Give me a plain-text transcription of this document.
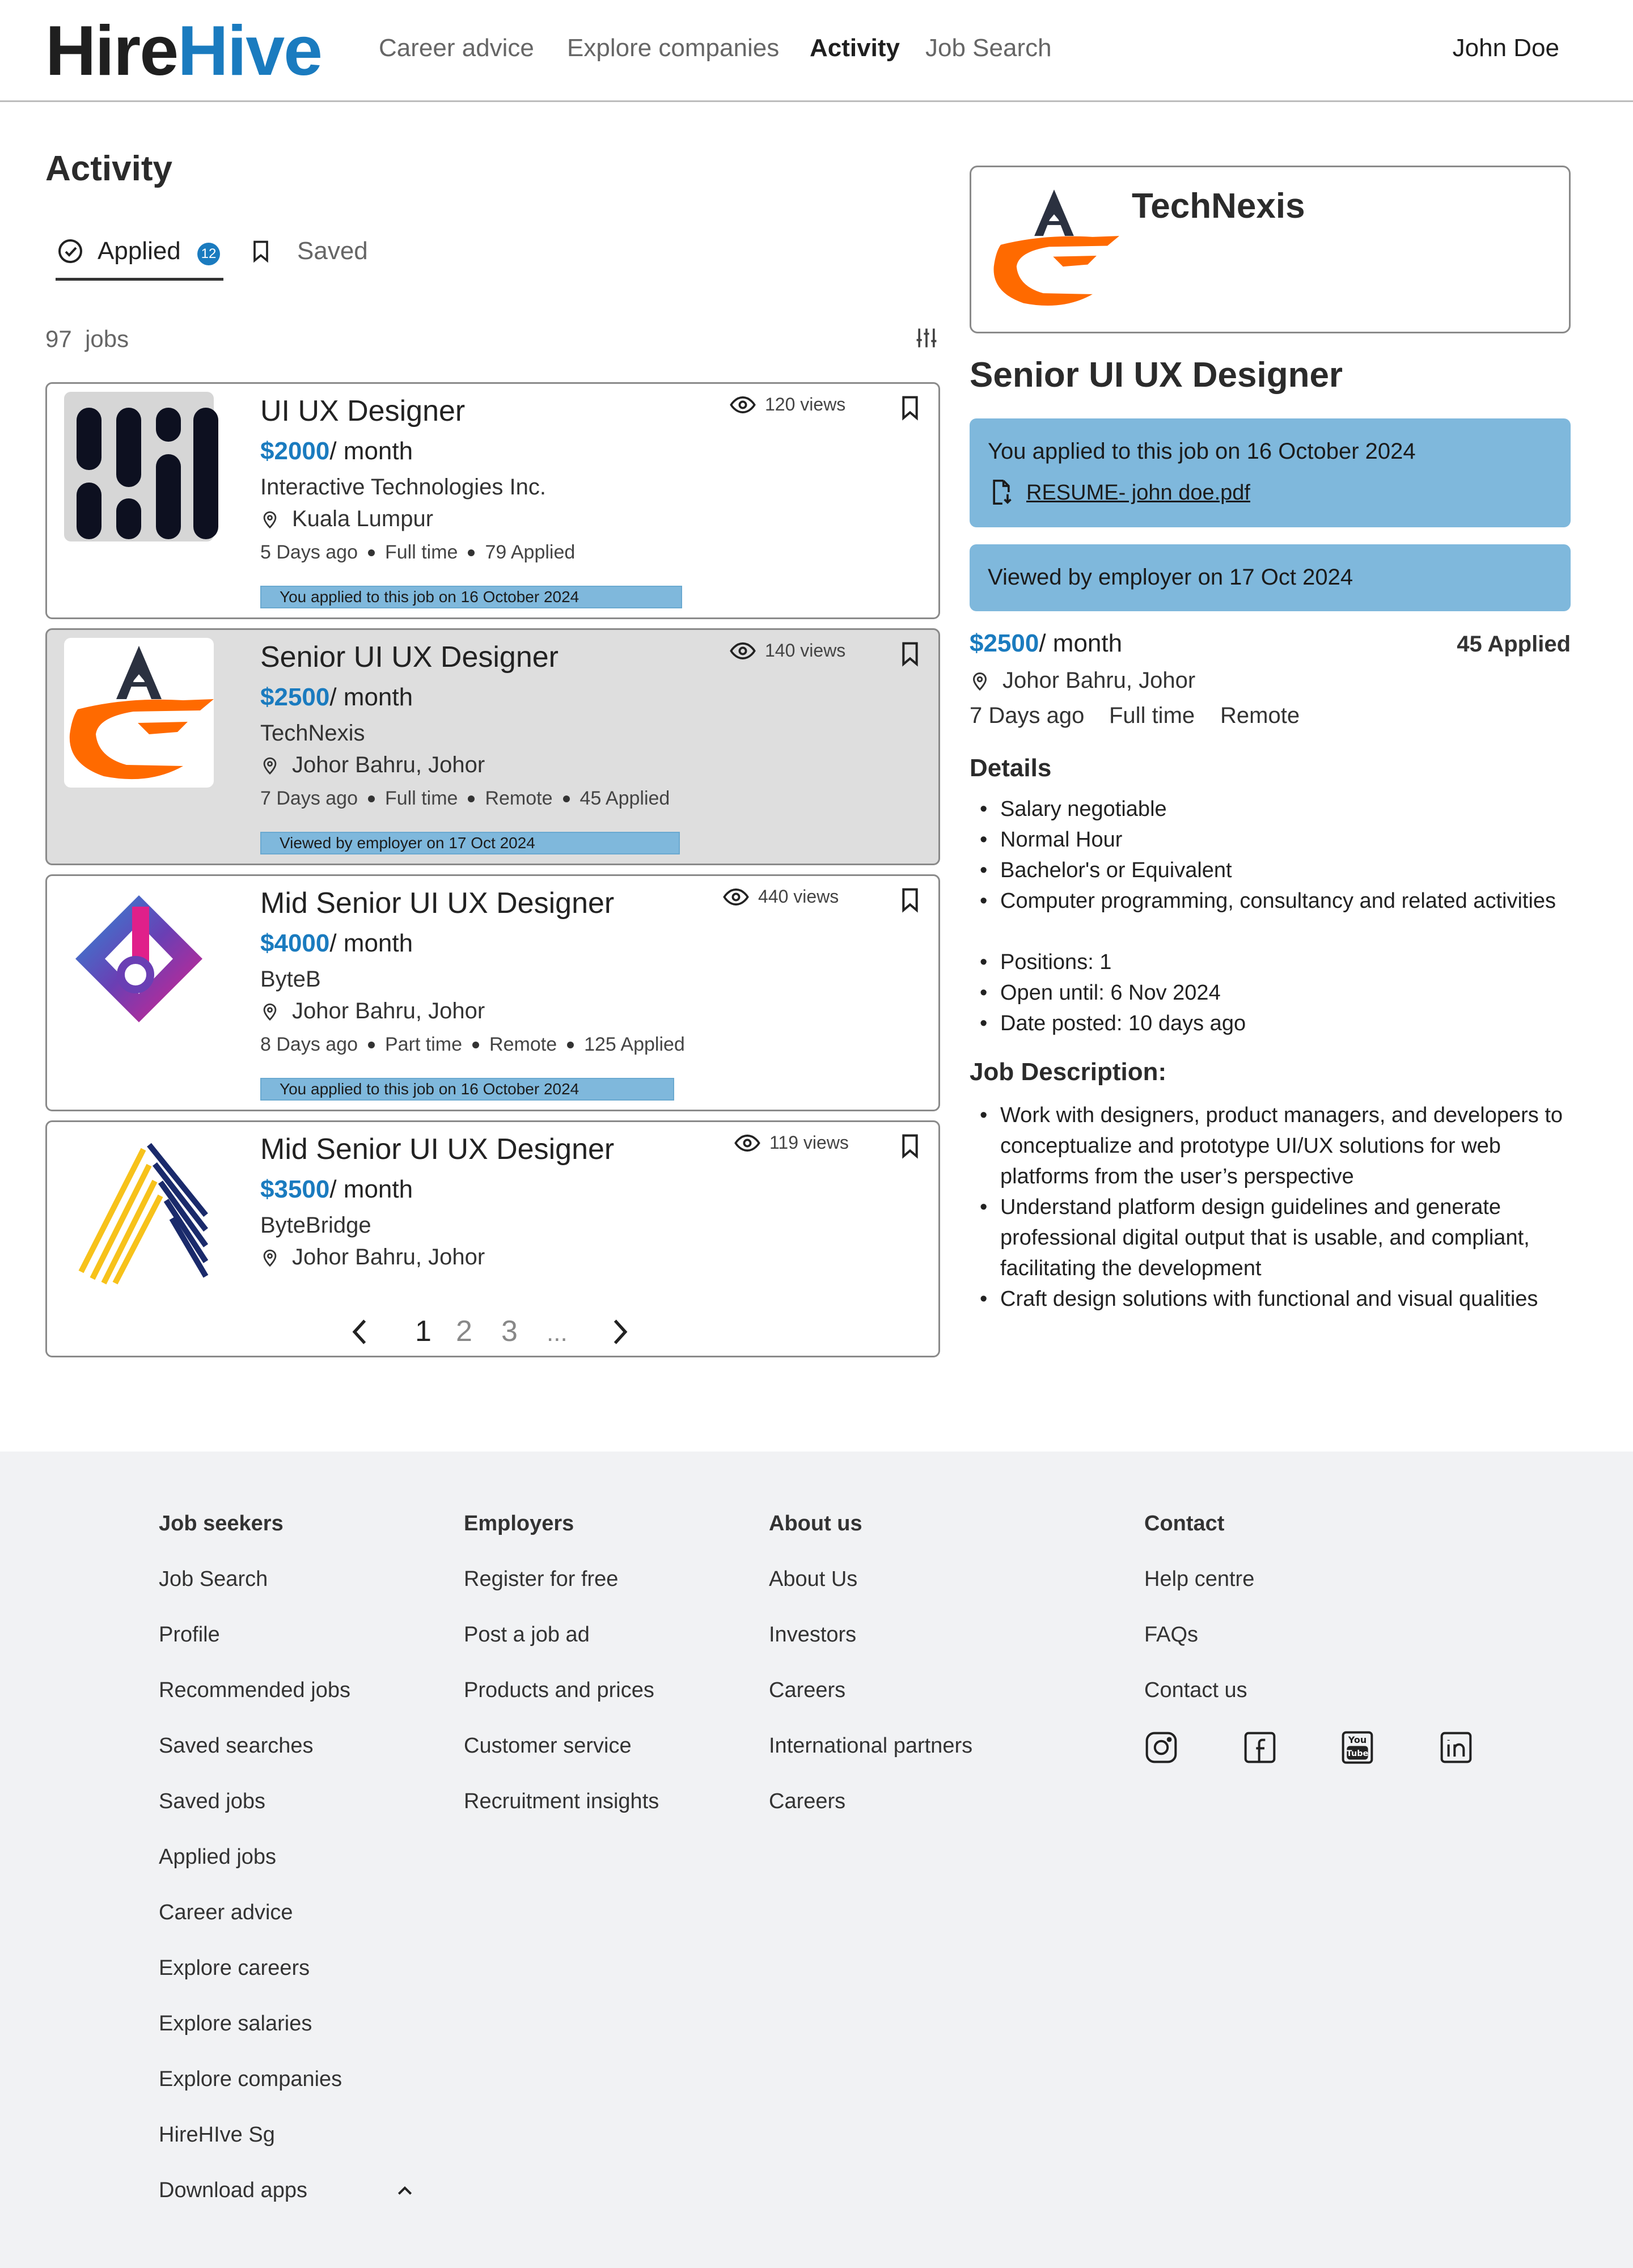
HireHive Career advice Explore companies Activity Job Search	John Doe
Activity
Applied 12	Saved
97 jobs
UI UX Designer
$2000/ month
Interactive Technologies Inc.
Kuala Lumpur
5 Days ago Full time 79 Applied
You applied to this job on 16 October 2024
120 views
Senior UI UX Designer
$2500/ month
TechNexis
Johor Bahru, Johor
7 Days ago Full time Remote 45 Applied
Viewed by employer on 17 Oct 2024
140 views
Mid Senior UI UX Designer
$4000/ month
ByteB
Johor Bahru, Johor
8 Days ago Part time Remote 125 Applied
You applied to this job on 16 October 2024
440 views
Mid Senior UI UX Designer
$3500/ month
ByteBridge
Johor Bahru, Johor
119 views
1 2 3 ...
TechNexis
Senior UI UX Designer
You applied to this job on 16 October 2024
RESUME- john doe.pdf
Viewed by employer on 17 Oct 2024
$2500/ month	45 Applied
Johor Bahru, Johor
7 Days ago Full time Remote
Details
• Salary negotiable
• Normal Hour
• Bachelor's or Equivalent
• Computer programming, consultancy and related activities
• Positions: 1
• Open until: 6 Nov 2024
• Date posted: 10 days ago
Job Description:
• Work with designers, product managers, and developers to conceptualize and prototype UI/UX solutions for web platforms from the user’s perspective
• Understand platform design guidelines and generate professional digital output that is usable, and compliant, facilitating the development
• Craft design solutions with functional and visual qualities
Job seekers
Job Search
Profile
Recommended jobs
Saved searches
Saved jobs
Applied jobs
Career advice
Explore careers
Explore salaries
Explore companies
HireHIve Sg
Download apps
Employers
Register for free
Post a job ad
Products and prices
Customer service
Recruitment insights
About us
About Us
Investors
Careers
International partners
Careers
Contact
Help centre
FAQs
Contact us
You
Tube
